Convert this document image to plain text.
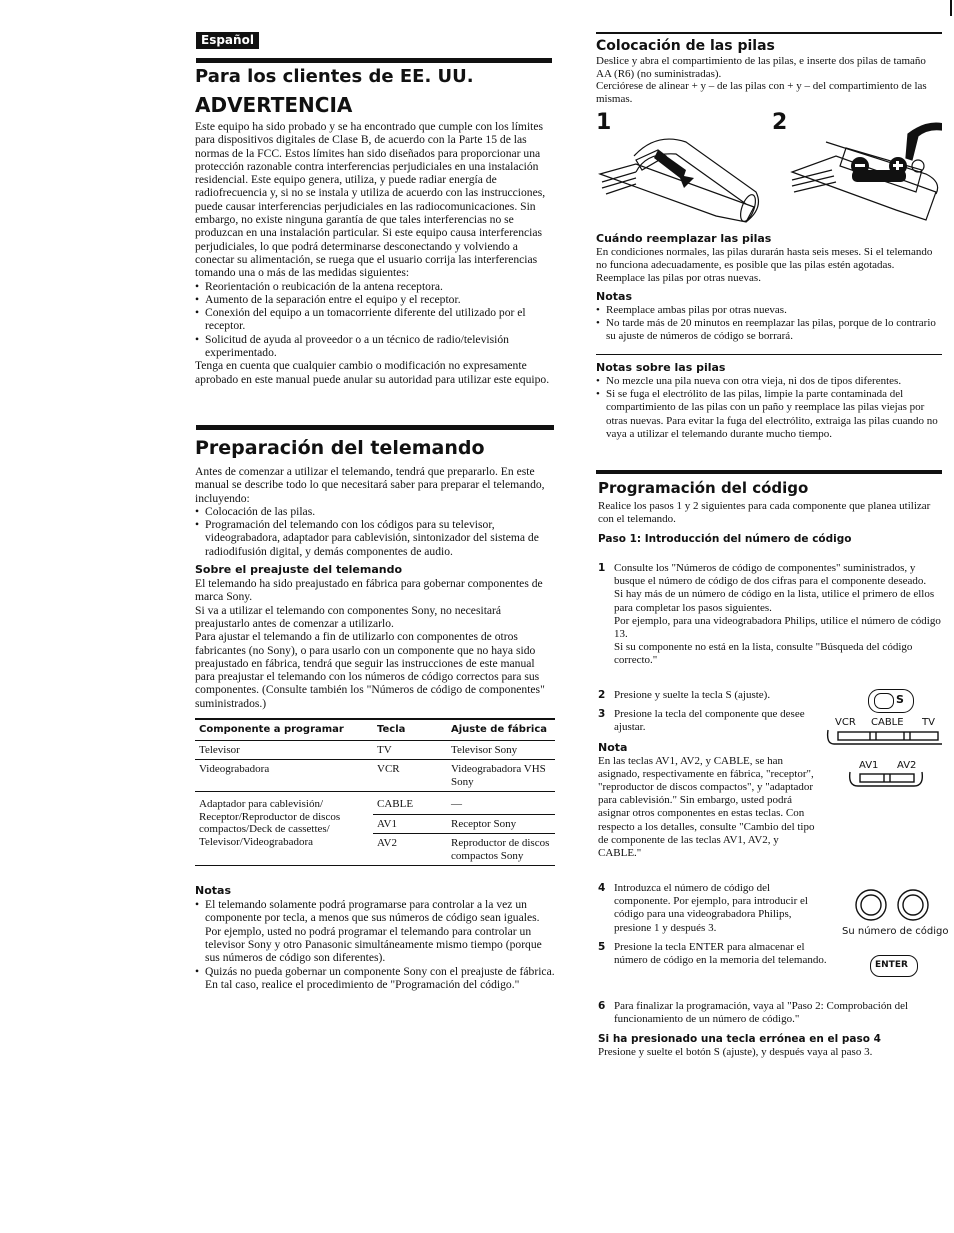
Español
Para los clientes de EE. UU.
ADVERTENCIA

Este equipo ha sido probado y se ha encontrado que cumple con los límites para dispositivos digitales de Clase B, de acuerdo con la Parte 15 de las normas de la FCC. Estos límites han sido diseñados para proporcionar una protección razonable contra interferencias perjudiciales en una instalación residencial. Este equipo genera, utiliza, y puede radiar energía de radiofrecuencia y, si no se instala y utiliza de acuerdo con las instrucciones, puede causar interferencias perjudiciales en las radiocomunicaciones. Sin embargo, no existe ninguna garantía de que tales interferencias no se produzcan en una instalación particular. Si este equipo causa interferencias perjudiciales, lo que podrá determinarse desconectando y volviendo a conectar su alimentación, se ruega que el usuario corrija las interferencias tomando una o más de las medidas siguientes:

• Reorientación o reubicación de la antena receptora.
• Aumento de la separación entre el equipo y el receptor.
• Conexión del equipo a un tomacorriente diferente del utilizado por el receptor.
• Solicitud de ayuda al proveedor o a un técnico de radio/televisión experimentado.

Tenga en cuenta que cualquier cambio o modificación no expresamente aprobado en este manual puede anular su autoridad para utilizar este equipo.

Preparación del telemando

Antes de comenzar a utilizar el telemando, tendrá que prepararlo. En este manual se describe todo lo que necesitará saber para preparar el telemando, incluyendo:

• Colocación de las pilas.
• Programación del telemando con los códigos para su televisor, videograbadora, adaptador para cablevisión, sintonizador del sistema de radiodifusión digital, y demás componentes de audio.
Sobre el preajuste del telemando

El telemando ha sido preajustado en fábrica para gobernar componentes de marca Sony.

Si va a utilizar el telemando con componentes Sony, no necesitará preajustarlo antes de comenzar a utilizarlo.

Para ajustar el telemando a fin de utilizarlo con componentes de otros fabricantes (no Sony), o para usarlo con un componente que no haya sido preajustado en fábrica, tendrá que seguir las instrucciones de este manual para preajustar el telemando con los números de código correctos para sus componentes. (Consulte también los "Números de código de componentes" suministrados.)

Componente a programar	Tecla	Ajuste de fábrica
Televisor	TV	Televisor Sony
Videograbadora	VCR	Videograbadora VHS Sony
Adaptador para cablevisión/ Receptor/Reproductor de discos compactos/Deck de cassettes/ Televisor/Videograbadora	CABLE	—
	AV1	Receptor Sony
	AV2	Reproductor de discos compactos Sony
Notas
• El telemando solamente podrá programarse para controlar a la vez un componente por tecla, a menos que sus números de código sean iguales. Por ejemplo, usted no podrá programar el telemando para controlar un televisor Sony y otro Panasonic simultáneamente mismo tiempo (porque sus números de código son diferentes).
• Quizás no pueda gobernar un componente Sony con el preajuste de fábrica. En tal caso, realice el procedimiento de "Programación del código."
Colocación de las pilas

Deslice y abra el compartimiento de las pilas, e inserte dos pilas de tamaño AA (R6) (no suministradas).

Cerciórese de alinear + y – de las pilas con + y – del compartimiento de las mismas.

1	2
Cuándo reemplazar las pilas

En condiciones normales, las pilas durarán hasta seis meses. Si el telemando no funciona adecuadamente, es posible que las pilas estén agotadas. Reemplace las pilas por otras nuevas.

Notas
• Reemplace ambas pilas por otras nuevas.
• No tarde más de 20 minutos en reemplazar las pilas, porque de lo contrario su ajuste de números de código se borrará.
Notas sobre las pilas
• No mezcle una pila nueva con otra vieja, ni dos de tipos diferentes.
• Si se fuga el electrólito de las pilas, limpie la parte contaminada del compartimiento de las pilas con un paño y reemplace las pilas viejas por otras nuevas. Para evitar la fuga del electrólito, extraiga las pilas cuando no vaya a utilizar el telemando durante mucho tiempo.
Programación del código

Realice los pasos 1 y 2 siguientes para cada componente que planea utilizar con el telemando.

Paso 1: Introducción del número de código
1 Consulte los "Números de código de componentes" suministrados, y busque el número de código de dos cifras para el componente deseado.

Si hay más de un número de código en la lista, utilice el primero de ellos para completar los pasos siguientes.

Por ejemplo, para una videograbadora Philips, utilice el número de código 13.

Si su componente no está en la lista, consulte "Búsqueda del código correcto."

2 Presione y suelte la tecla S (ajuste).

3 Presione la tecla del componente que desee ajustar.

Nota

En las teclas AV1, AV2, y CABLE, se han asignado, respectivamente en fábrica, "receptor", "reproductor de discos compactos", y "adaptador para cablevisión." Sin embargo, usted podrá asignar otros componentes en estas teclas. Con respecto a los detalles, consulte "Cambio del tipo de componente de las teclas AV1, AV2, y CABLE."

S
VCR CABLE TV
AV1 AV2
4 Introduzca el número de código del componente. Por ejemplo, para introducir el código para una videograbadora Philips, presione 1 y después 3.

5 Presione la tecla ENTER para almacenar el número de código en la memoria del telemando.

Su número de código
ENTER
6 Para finalizar la programación, vaya al "Paso 2: Comprobación del funcionamiento de un número de código."

Si ha presionado una tecla errónea en el paso 4

Presione y suelte el botón S (ajuste), y después vaya al paso 3.
